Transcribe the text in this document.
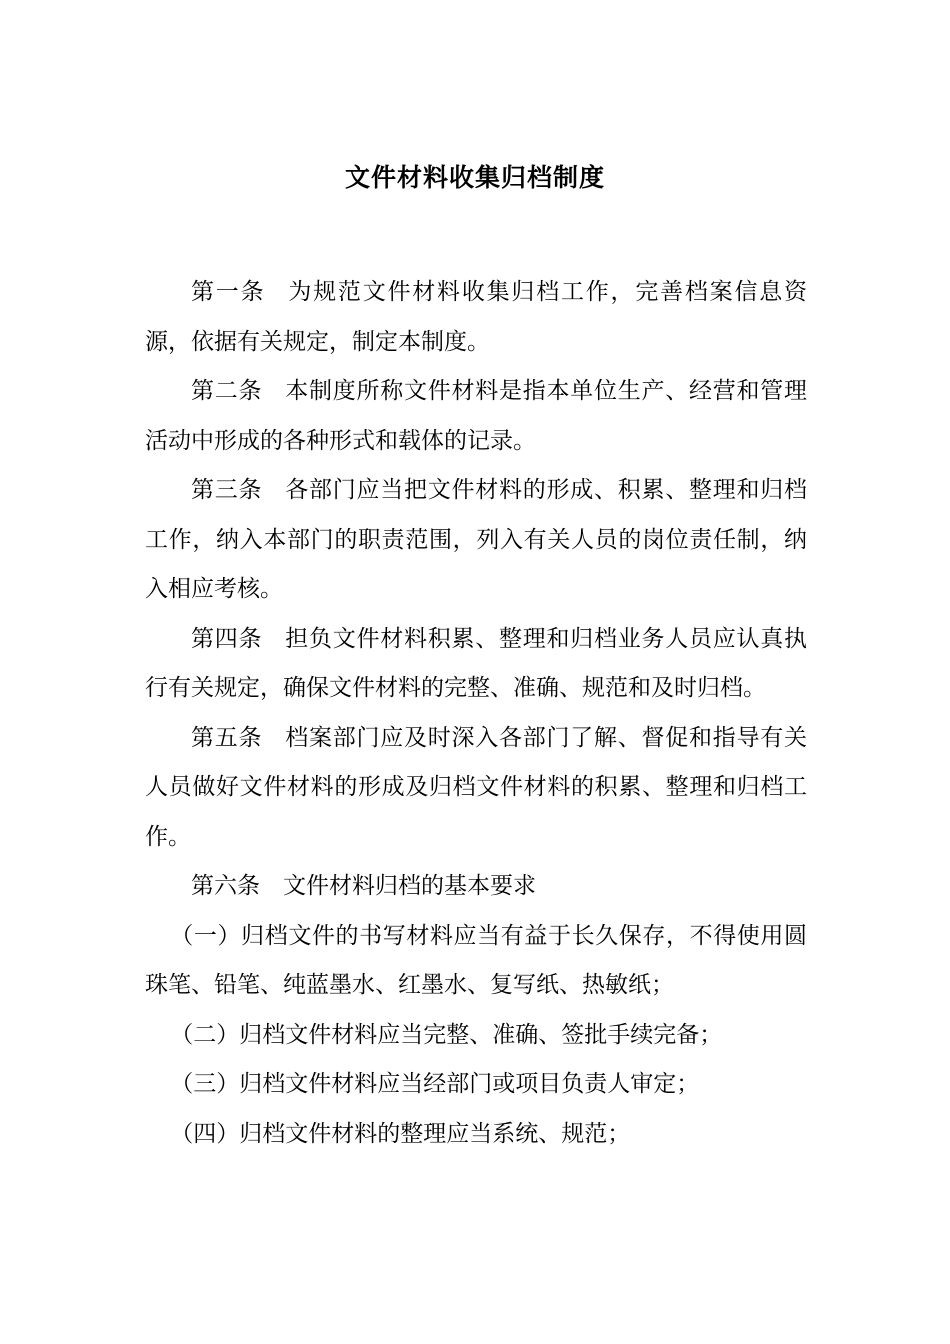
文件材料收集归档制度

第一条 为规范文件材料收集归档工作，完善档案信息资源，依据有关规定，制定本制度。

第二条 本制度所称文件材料是指本单位生产、经营和管理活动中形成的各种形式和载体的记录。

第三条 各部门应当把文件材料的形成、积累、整理和归档工作，纳入本部门的职责范围，列入有关人员的岗位责任制，纳入相应考核。

第四条 担负文件材料积累、整理和归档业务人员应认真执行有关规定，确保文件材料的完整、准确、规范和及时归档。

第五条 档案部门应及时深入各部门了解、督促和指导有关人员做好文件材料的形成及归档文件材料的积累、整理和归档工作。

第六条 文件材料归档的基本要求

（一）归档文件的书写材料应当有益于长久保存，不得使用圆珠笔、铅笔、纯蓝墨水、红墨水、复写纸、热敏纸；

（二）归档文件材料应当完整、准确、签批手续完备；

（三）归档文件材料应当经部门或项目负责人审定；

（四）归档文件材料的整理应当系统、规范；
